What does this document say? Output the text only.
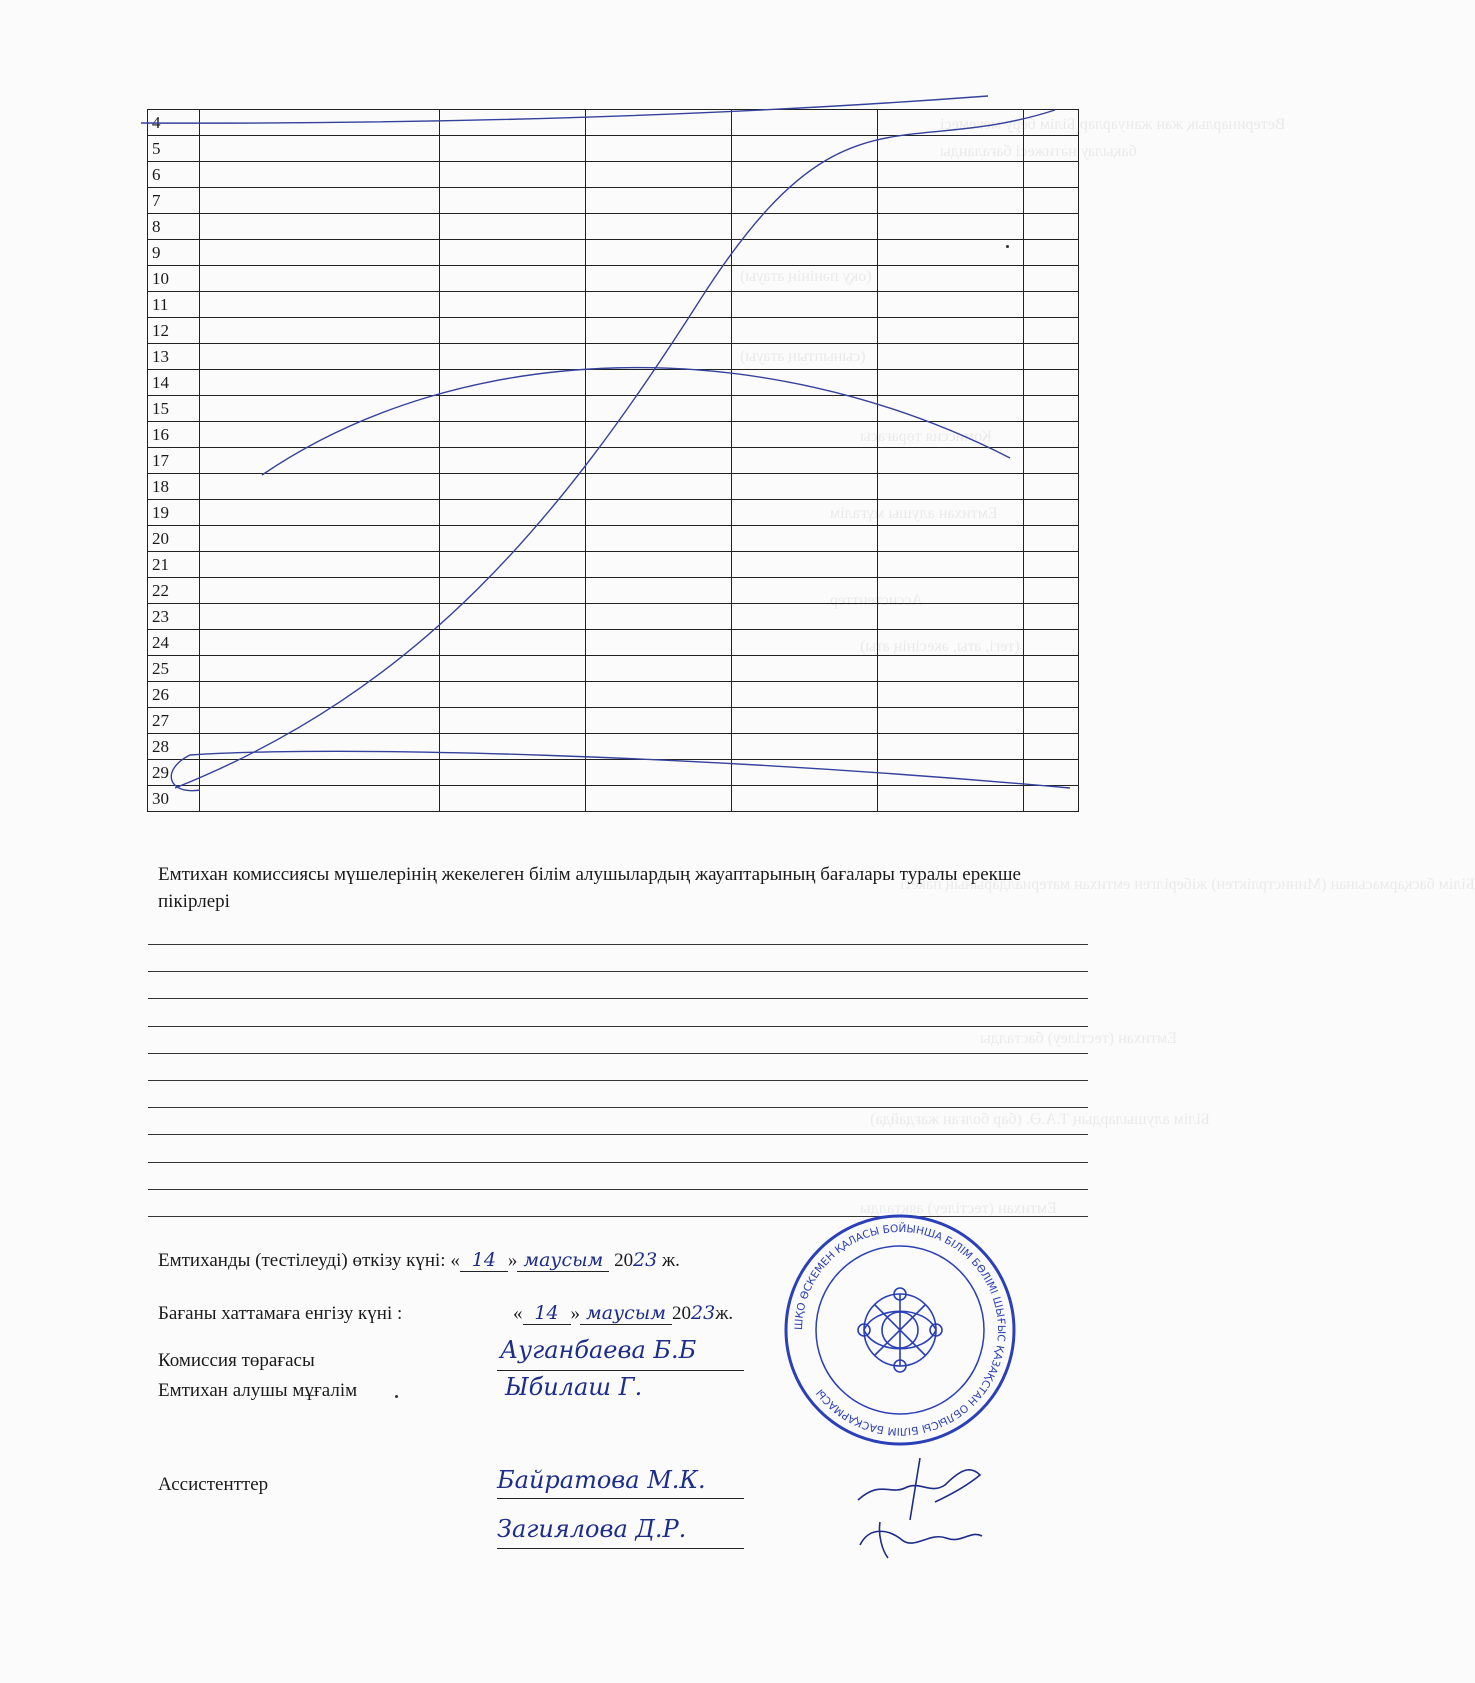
Ветеринарлық жан жануарлар Білім беру мекемесі
бақылау нәтижесі бағаланды
(оқу пәнінің атауы)
(сыныптың атауы)
Комиссия төрағасы
Емтихан алушы мұғалім
Ассистенттер
(тегі, аты, әкесінің аты)
Білім басқармасынан (Министрліктен) жіберілген емтихан материалдарының пакеті
Емтихан (тестілеу) басталды
Білім алушылардың Т.А.Ә. (бар болған жағдайда)
Емтихан (тестілеу) аяқталды
4						
5						
6						
7						
8						
9						
10						
11						
12						
13						
14						
15						
16						
17						
18						
19						
20						
21						
22						
23						
24						
25						
26						
27						
28						
29						
30						
Емтихан комиссиясы мүшелерінің жекелеген білім алушылардың жауаптарының бағалары туралы ерекше пікірлері
Емтиханды (тестілеуді) өткізу күні: « 14 » маусым 2023 ж.
Бағаны хаттамаға енгізу күні :	« 14 » маусым 2023ж.
Комиссия төрағасы	Ауганбаева Б.Б
Емтихан алушы мұғалім	Ыбилаш Г.
Ассистенттер	Байратова М.К.
Загиялова Д.Р.
ШҚО ӨСКЕМЕН ҚАЛАСЫ БОЙЫНША БІЛІМ БӨЛІМІ ШЫҒЫС ҚАЗАҚСТАН ОБЛЫСЫ БІЛІМ БАСҚАРМАСЫ
